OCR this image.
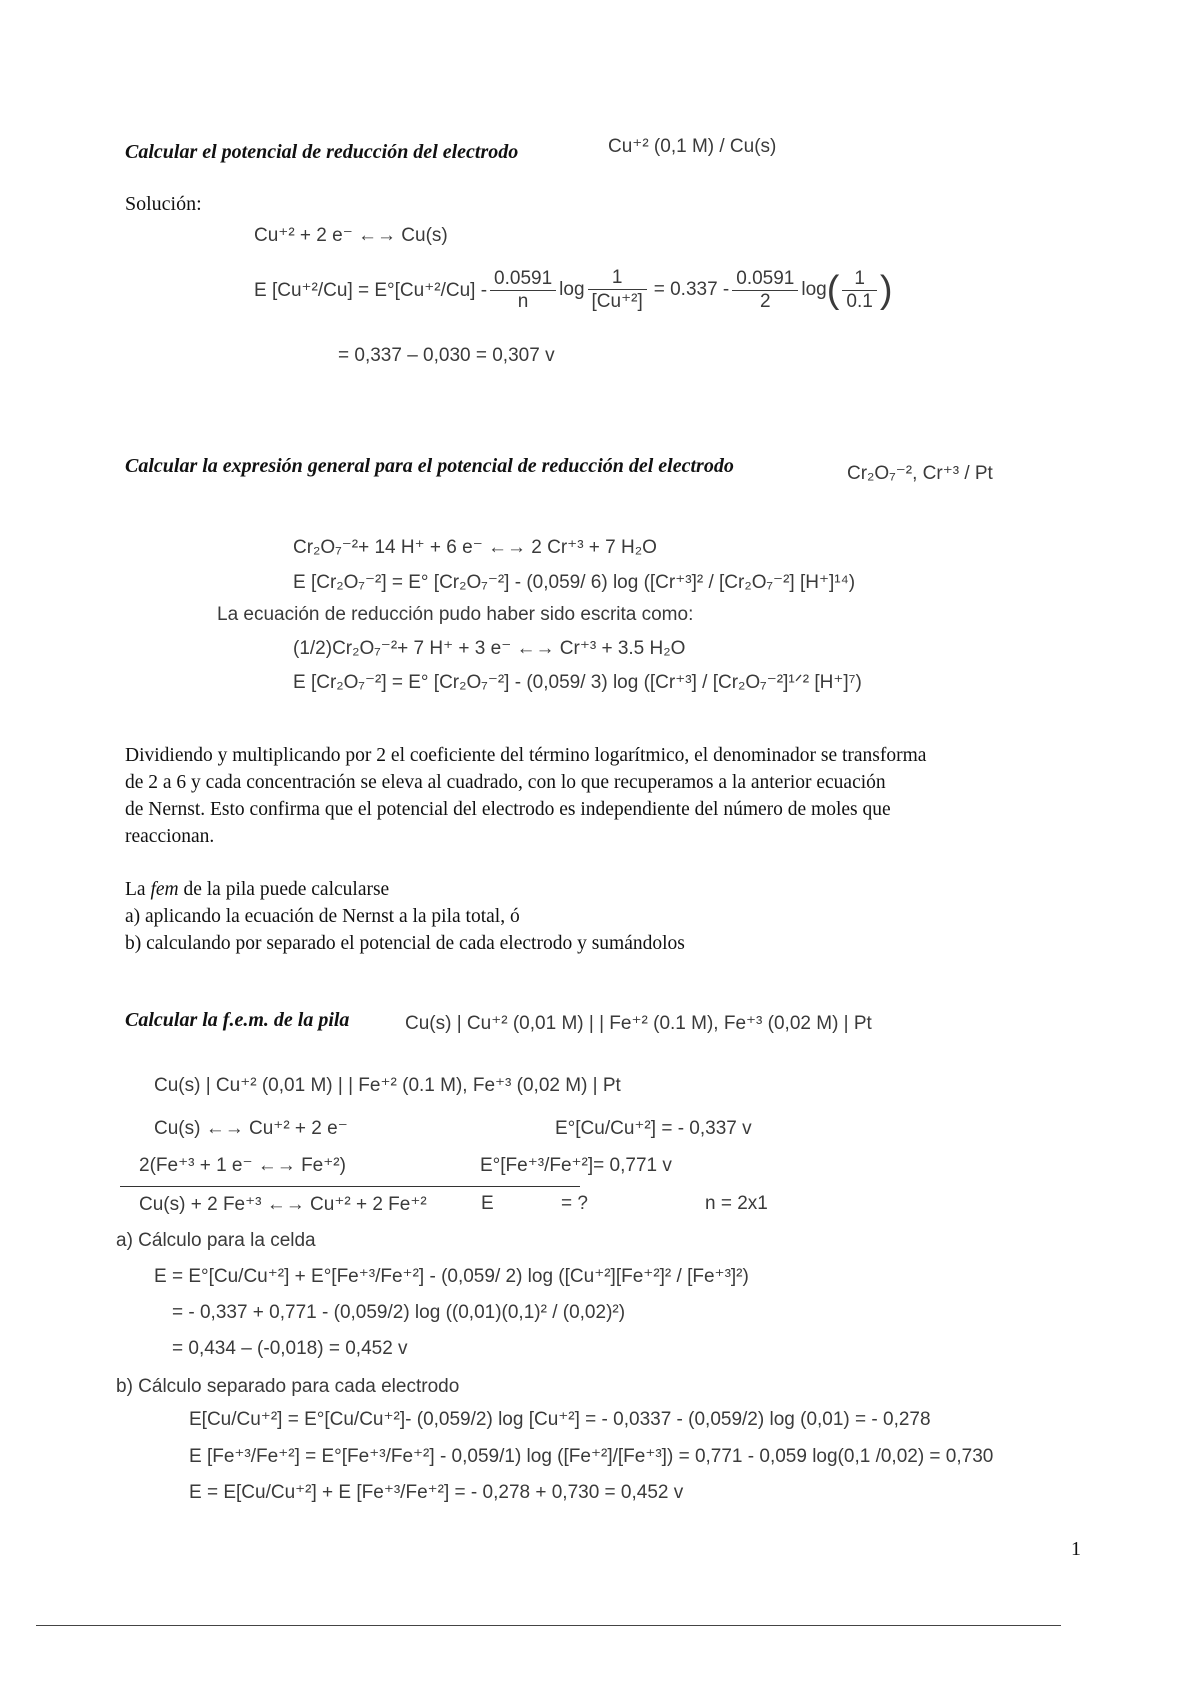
Calcular el potencial de reducción del electrodo	Cu⁺² (0,1 M) / Cu(s)
Solución:
Cu⁺² + 2 e⁻ ←→ Cu(s)
E $[Cu^{+2}/Cu] = E^\circ[Cu^{+2}/Cu] - \frac{0.0591}{n}$ $\log \frac{1}{\text{[Cu⁺²]}} = 0.337 - \frac{0.0591}{2}$ log ( $\frac{1}{0.1}$ )
= 0,337 – 0,030 = 0,307 v
Calcular la expresión general para el potencial de reducción del electrodo	Cr₂O₇⁻², Cr⁺³ / Pt
Cr₂O₇⁻²+ 14 H⁺ + 6 e⁻ ←→ 2 Cr⁺³ + 7 H₂O
E [Cr₂O₇⁻²] = E° [Cr₂O₇⁻²] - (0,059/ 6) log ([Cr⁺³]² / [Cr₂O₇⁻²] [H⁺]¹⁴)
La ecuación de reducción pudo haber sido escrita como:
(1/2)Cr₂O₇⁻²+ 7 H⁺ + 3 e⁻ ←→ Cr⁺³ + 3.5 H₂O
E [Cr₂O₇⁻²] = E° [Cr₂O₇⁻²] - (0,059/ 3) log ([Cr⁺³] / [Cr₂O₇⁻²]¹ᐟ² [H⁺]⁷)
Dividiendo y multiplicando por 2 el coeficiente del término logarítmico, el denominador se transforma
de 2 a 6 y cada concentración se eleva al cuadrado, con lo que recuperamos a la anterior ecuación
de Nernst. Esto confirma que el potencial del electrodo es independiente del número de moles que
reaccionan.
La fem de la pila puede calcularse
a) aplicando la ecuación de Nernst a la pila total, ó
b) calculando por separado el potencial de cada electrodo y sumándolos
Calcular la f.e.m. de la pila	Cu(s) | Cu⁺² (0,01 M) | | Fe⁺² (0.1 M), Fe⁺³ (0,02 M) | Pt
Cu(s) | Cu⁺² (0,01 M) | | Fe⁺² (0.1 M), Fe⁺³ (0,02 M) | Pt
Cu(s) ←→ Cu⁺² + 2 e⁻	E°[Cu/Cu⁺²] = - 0,337 v
2(Fe⁺³ + 1 e⁻ ←→ Fe⁺²)	E°[Fe⁺³/Fe⁺²]= 0,771 v
Cu(s) + 2 Fe⁺³ ←→ Cu⁺² + 2 Fe⁺²	E	= ?	n = 2x1
a) Cálculo para la celda
E = E°[Cu/Cu⁺²] + E°[Fe⁺³/Fe⁺²] - (0,059/ 2) log ([Cu⁺²][Fe⁺²]² / [Fe⁺³]²)
= - 0,337 + 0,771 - (0,059/2) log ((0,01)(0,1)² / (0,02)²)
= 0,434 – (-0,018) = 0,452 v
b) Cálculo separado para cada electrodo
E[Cu/Cu⁺²] = E°[Cu/Cu⁺²]- (0,059/2) log [Cu⁺²] = - 0,0337 - (0,059/2) log (0,01) = - 0,278
E [Fe⁺³/Fe⁺²] = E°[Fe⁺³/Fe⁺²] - 0,059/1) log ([Fe⁺²]/[Fe⁺³]) = 0,771 - 0,059 log(0,1 /0,02) = 0,730
E = E[Cu/Cu⁺²] + E [Fe⁺³/Fe⁺²] = - 0,278 + 0,730 = 0,452 v
1
